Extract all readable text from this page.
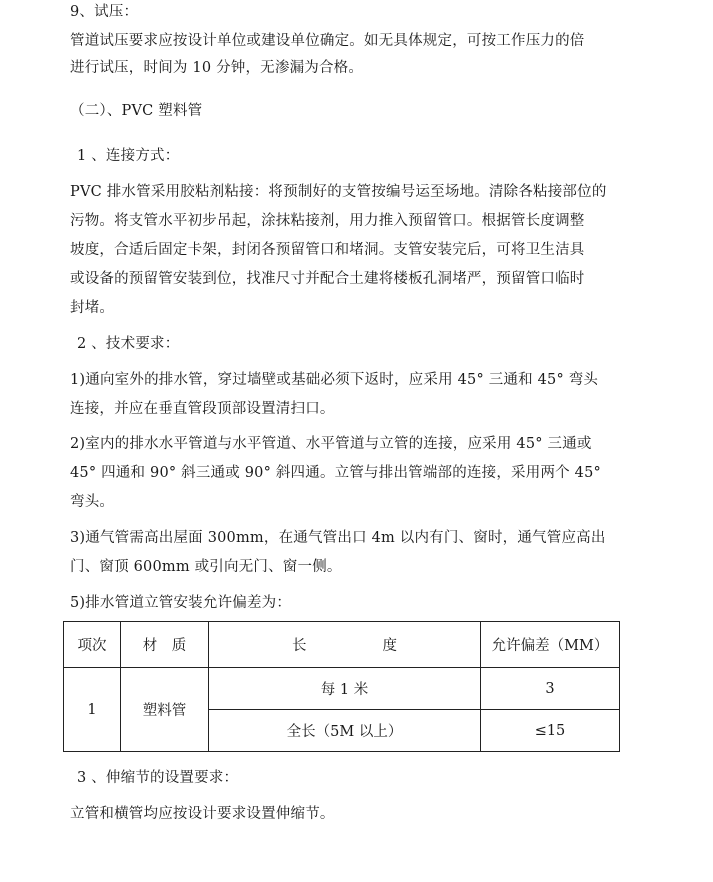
9、试压：
管道试压要求应按设计单位或建设单位确定。如无具体规定，可按工作压力的倍
进行试压，时间为 10 分钟，无渗漏为合格。
（二）、PVC 塑料管
1 、连接方式：
PVC 排水管采用胶粘剂粘接：将预制好的支管按编号运至场地。清除各粘接部位的
污物。将支管水平初步吊起，涂抹粘接剂，用力推入预留管口。根据管长度调整
坡度，合适后固定卡架，封闭各预留管口和堵洞。支管安装完后，可将卫生洁具
或设备的预留管安装到位，找准尺寸并配合土建将楼板孔洞堵严，预留管口临时
封堵。
2 、技术要求：
1)通向室外的排水管，穿过墙壁或基础必须下返时，应采用 45° 三通和 45° 弯头
连接，并应在垂直管段顶部设置清扫口。
2)室内的排水水平管道与水平管道、水平管道与立管的连接，应采用 45° 三通或
45° 四通和 90° 斜三通或 90° 斜四通。立管与排出管端部的连接，采用两个 45°
弯头。
3)通气管需高出屋面 300mm，在通气管出口 4m 以内有门、窗时，通气管应高出
门、窗顶 600mm 或引向无门、窗一侧。
5)排水管道立管安装允许偏差为：
项次	材　质	长 度	允许偏差（MM）
1	塑料管	每 1 米	3
		全长（5M 以上）	≤15
3 、伸缩节的设置要求：
立管和横管均应按设计要求设置伸缩节。
